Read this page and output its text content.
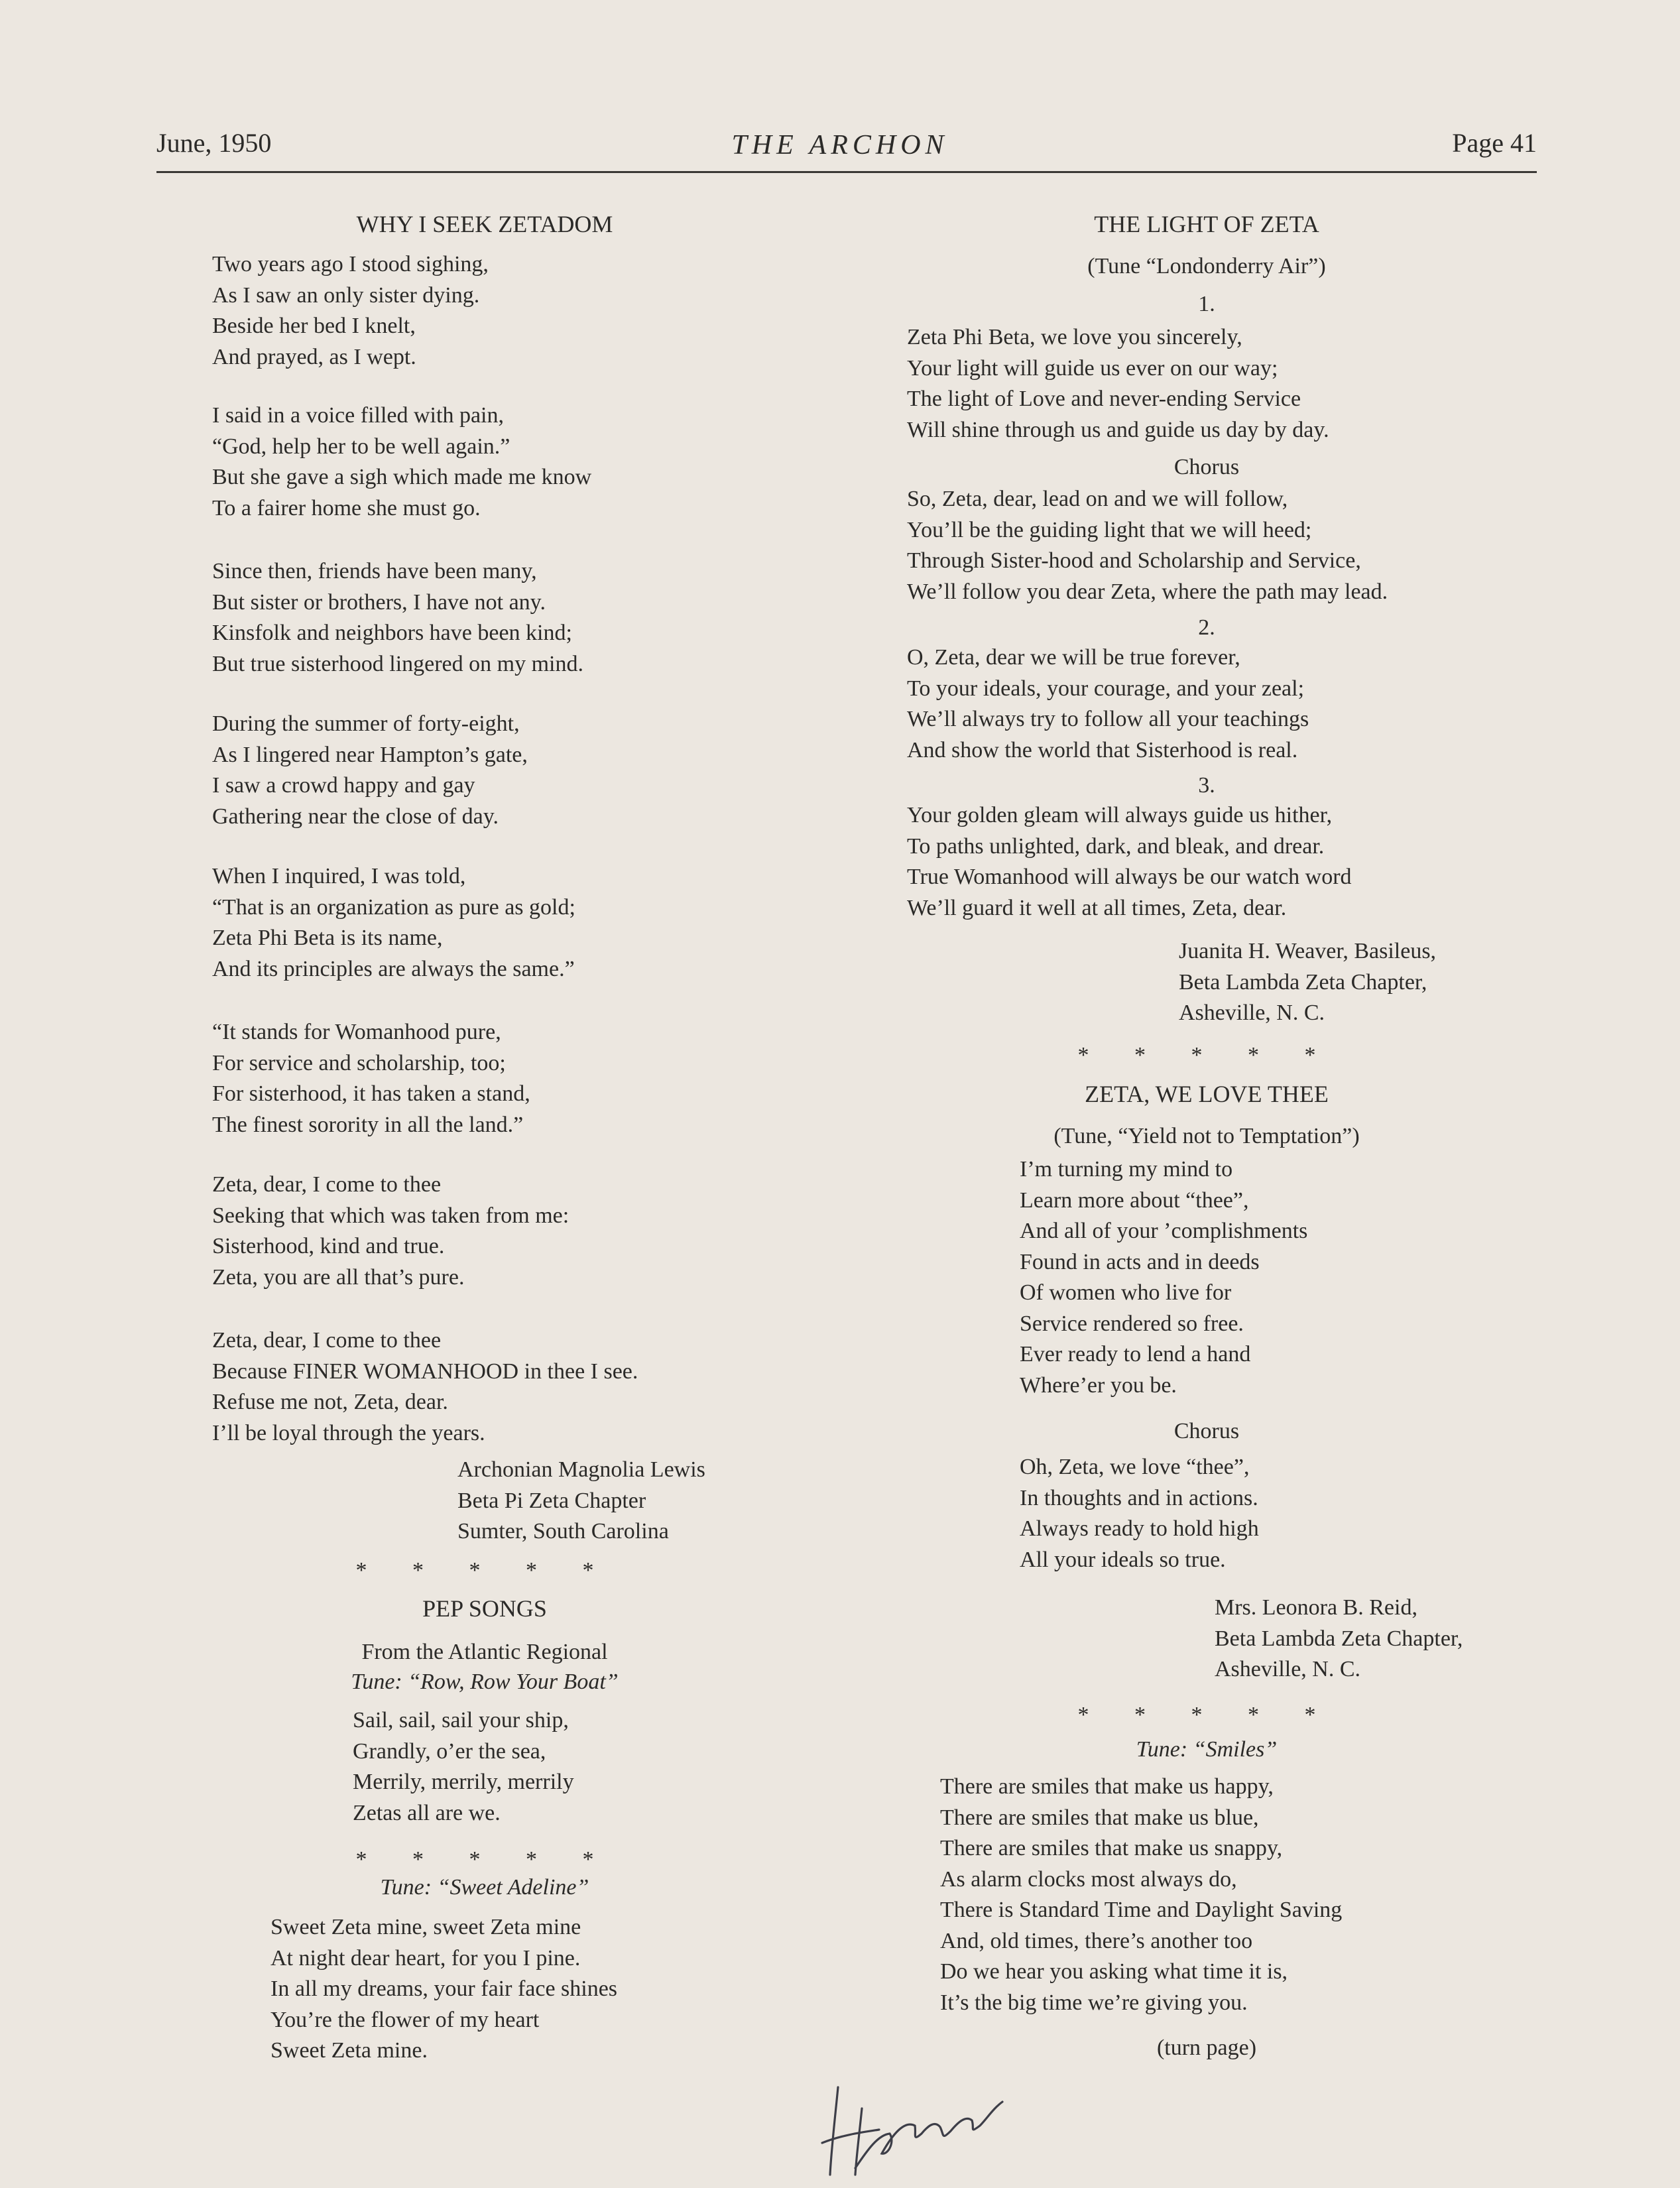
June, 1950	THE ARCHON	Page 41
WHY I SEEK ZETADOM
Two years ago I stood sighing,
As I saw an only sister dying.
Beside her bed I knelt,
And prayed, as I wept.
I said in a voice filled with pain,
“God, help her to be well again.”
But she gave a sigh which made me know
To a fairer home she must go.
Since then, friends have been many,
But sister or brothers, I have not any.
Kinsfolk and neighbors have been kind;
But true sisterhood lingered on my mind.
During the summer of forty-eight,
As I lingered near Hampton’s gate,
I saw a crowd happy and gay
Gathering near the close of day.
When I inquired, I was told,
“That is an organization as pure as gold;
Zeta Phi Beta is its name,
And its principles are always the same.”
“It stands for Womanhood pure,
For service and scholarship, too;
For sisterhood, it has taken a stand,
The finest sorority in all the land.”
Zeta, dear, I come to thee
Seeking that which was taken from me:
Sisterhood, kind and true.
Zeta, you are all that’s pure.
Zeta, dear, I come to thee
Because FINER WOMANHOOD in thee I see.
Refuse me not, Zeta, dear.
I’ll be loyal through the years.
Archonian Magnolia Lewis
Beta Pi Zeta Chapter
Sumter, South Carolina
* * * * *
PEP SONGS
From the Atlantic Regional
Tune: “Row, Row Your Boat”
Sail, sail, sail your ship,
Grandly, o’er the sea,
Merrily, merrily, merrily
Zetas all are we.
* * * * *
Tune: “Sweet Adeline”
Sweet Zeta mine, sweet Zeta mine
At night dear heart, for you I pine.
In all my dreams, your fair face shines
You’re the flower of my heart
Sweet Zeta mine.
THE LIGHT OF ZETA
(Tune “Londonderry Air”)
1.
Zeta Phi Beta, we love you sincerely,
Your light will guide us ever on our way;
The light of Love and never-ending Service
Will shine through us and guide us day by day.
Chorus
So, Zeta, dear, lead on and we will follow,
You’ll be the guiding light that we will heed;
Through Sister-hood and Scholarship and Service,
We’ll follow you dear Zeta, where the path may lead.
2.
O, Zeta, dear we will be true forever,
To your ideals, your courage, and your zeal;
We’ll always try to follow all your teachings
And show the world that Sisterhood is real.
3.
Your golden gleam will always guide us hither,
To paths unlighted, dark, and bleak, and drear.
True Womanhood will always be our watch word
We’ll guard it well at all times, Zeta, dear.
Juanita H. Weaver, Basileus,
Beta Lambda Zeta Chapter,
Asheville, N. C.
* * * * *
ZETA, WE LOVE THEE
(Tune, “Yield not to Temptation”)
I’m turning my mind to
Learn more about “thee”,
And all of your ’complishments
Found in acts and in deeds
Of women who live for
Service rendered so free.
Ever ready to lend a hand
Where’er you be.
Chorus
Oh, Zeta, we love “thee”,
In thoughts and in actions.
Always ready to hold high
All your ideals so true.
Mrs. Leonora B. Reid,
Beta Lambda Zeta Chapter,
Asheville, N. C.
* * * * *
Tune: “Smiles”
There are smiles that make us happy,
There are smiles that make us blue,
There are smiles that make us snappy,
As alarm clocks most always do,
There is Standard Time and Daylight Saving
And, old times, there’s another too
Do we hear you asking what time it is,
It’s the big time we’re giving you.
(turn page)
